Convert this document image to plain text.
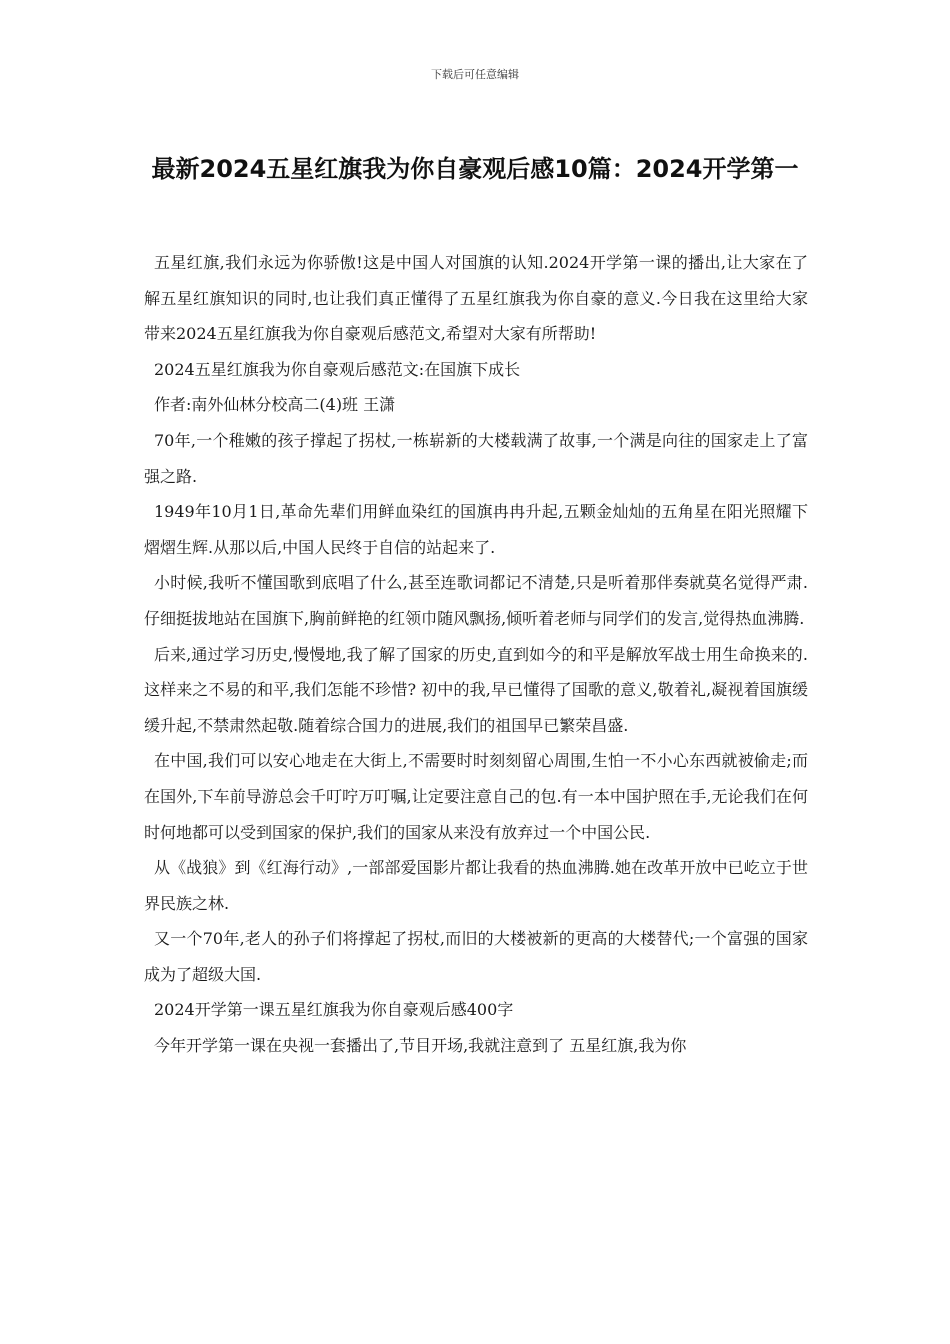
下载后可任意编辑
最新2024五星红旗我为你自豪观后感10篇：2024开学第一

五星红旗,我们永远为你骄傲!这是中国人对国旗的认知.2024开学第一课的播出,让大家在了解五星红旗知识的同时,也让我们真正懂得了五星红旗我为你自豪的意义.今日我在这里给大家带来2024五星红旗我为你自豪观后感范文,希望对大家有所帮助!

2024五星红旗我为你自豪观后感范文:在国旗下成长

作者:南外仙林分校高二(4)班 王潇

70年,一个稚嫩的孩子撑起了拐杖,一栋崭新的大楼载满了故事,一个满是向往的国家走上了富强之路.

1949年10月1日,革命先辈们用鲜血染红的国旗冉冉升起,五颗金灿灿的五角星在阳光照耀下熠熠生辉.从那以后,中国人民终于自信的站起来了.

小时候,我听不懂国歌到底唱了什么,甚至连歌词都记不清楚,只是听着那伴奏就莫名觉得严肃.仔细挺拔地站在国旗下,胸前鲜艳的红领巾随风飘扬,倾听着老师与同学们的发言,觉得热血沸腾.

后来,通过学习历史,慢慢地,我了解了国家的历史,直到如今的和平是解放军战士用生命换来的.这样来之不易的和平,我们怎能不珍惜? 初中的我,早已懂得了国歌的意义,敬着礼,凝视着国旗缓缓升起,不禁肃然起敬.随着综合国力的进展,我们的祖国早已繁荣昌盛.

在中国,我们可以安心地走在大街上,不需要时时刻刻留心周围,生怕一不小心东西就被偷走;而在国外,下车前导游总会千叮咛万叮嘱,让定要注意自己的包.有一本中国护照在手,无论我们在何时何地都可以受到国家的保护,我们的国家从来没有放弃过一个中国公民.

从《战狼》到《红海行动》,一部部爱国影片都让我看的热血沸腾.她在改革开放中已屹立于世界民族之林.

又一个70年,老人的孙子们将撑起了拐杖,而旧的大楼被新的更高的大楼替代;一个富强的国家成为了超级大国.

2024开学第一课五星红旗我为你自豪观后感400字

今年开学第一课在央视一套播出了,节目开场,我就注意到了 五星红旗,我为你
